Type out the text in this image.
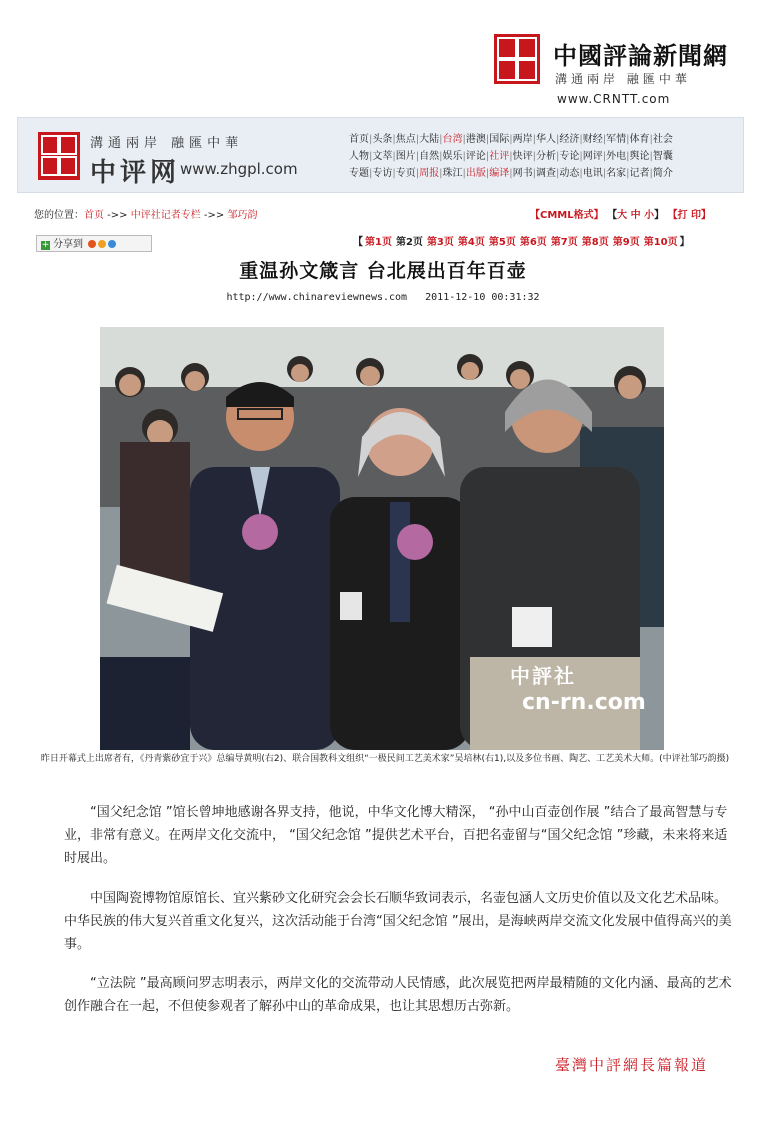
中國評論新聞網
溝通兩岸 融匯中華
www.CRNTT.com
溝通兩岸 融匯中華
中评网 www.zhgpl.com
首页|头条|焦点|大陆|台湾|港澳|国际|两岸|华人|经济|财经|军情|体育|社会
人物|文萃|图片|自然|娱乐|评论|社评|快评|分析|专论|网评|外电|舆论|智囊
专题|专访|专页|周报|珠江|出版|编译|网书|调查|动态|电讯|名家|记者|简介
您的位置：首页 ->> 中评社记者专栏 ->> 邹巧韵	【CMML格式】 【大 中 小】 【打 印】
+ 分享到	【 第1页 第2页 第3页 第4页 第5页 第6页 第7页 第8页 第9页 第10页 】
重温孙文箴言 台北展出百年百壶
http://www.chinareviewnews.com 2011-12-10 00:31:32
中評社
cn-rn.com
昨日开幕式上出席者有，《丹青紫砂宜于兴》总编导黄明(右2)、联合国教科文组织“一极民间工艺美术家”吴培林(右1),以及多位书画、陶艺、工艺美术大师。(中评社邹巧韵摄)
“国父纪念馆 ”馆长曾坤地感谢各界支持，他说，中华文化博大精深， “孙中山百壶创作展 ”结合了最高智慧与专业，非常有意义。在两岸文化交流中， “国父纪念馆 ”提供艺术平台，百把名壶留与“国父纪念馆 ”珍藏，未来将来适时展出。
中国陶瓷博物馆原馆长、宜兴紫砂文化研究会会长石顺华致词表示，名壶包涵人文历史价值以及文化艺术品味。中华民族的伟大复兴首重文化复兴，这次活动能于台湾“国父纪念馆 ”展出，是海峡两岸交流文化发展中值得高兴的美事。
“立法院 ”最高顾问罗志明表示，两岸文化的交流带动人民情感，此次展览把两岸最精随的文化内涵、最高的艺术创作融合在一起，不但使参观者了解孙中山的革命成果，也让其思想历古弥新。
臺灣中評網長篇報道
